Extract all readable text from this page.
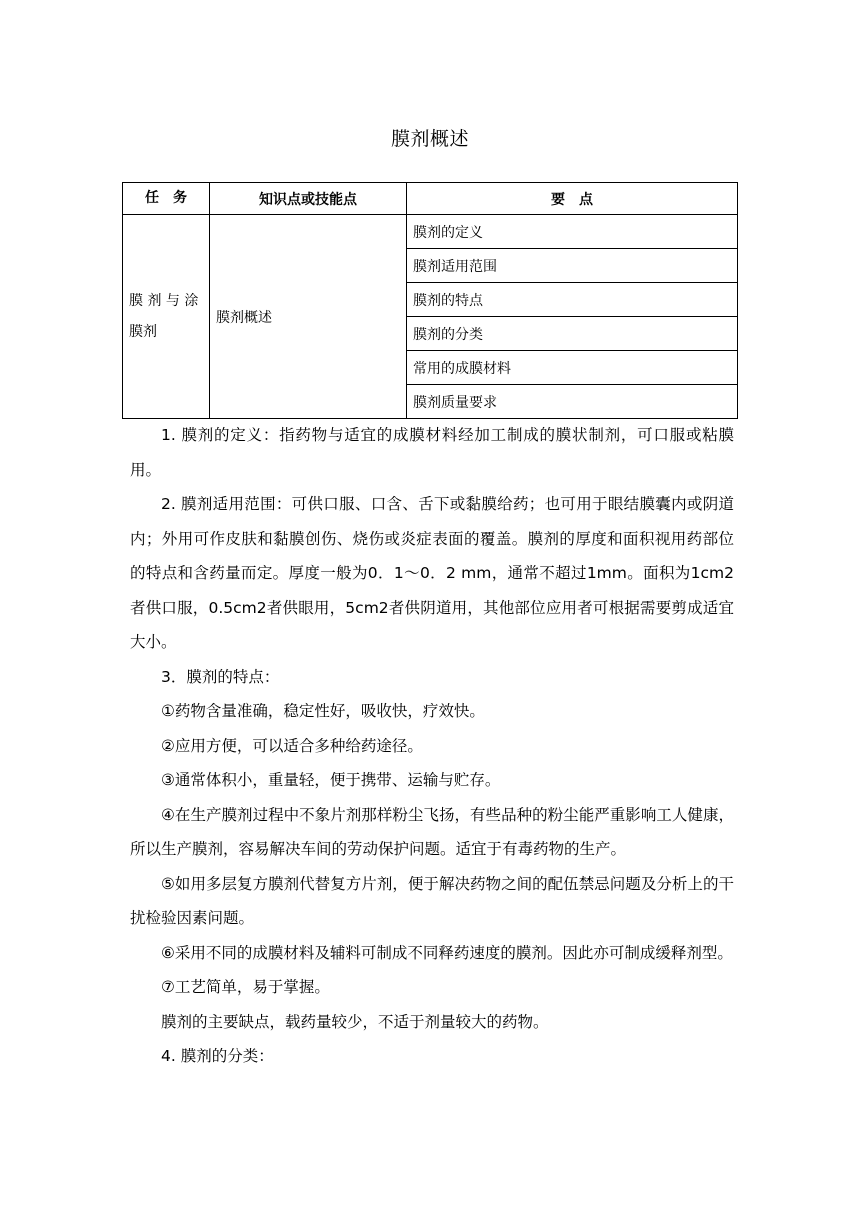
膜剂概述
任　务	知识点或技能点	要　点
膜 剂 与 涂 膜剂	膜剂概述	膜剂的定义
		膜剂适用范围
		膜剂的特点
		膜剂的分类
		常用的成膜材料
		膜剂质量要求

1. 膜剂的定义：指药物与适宜的成膜材料经加工制成的膜状制剂，可口服或粘膜用。

2. 膜剂适用范围：可供口服、口含、舌下或黏膜给药；也可用于眼结膜囊内或阴道内；外用可作皮肤和黏膜创伤、烧伤或炎症表面的覆盖。膜剂的厚度和面积视用药部位的特点和含药量而定。厚度一般为0．1～0．2 mm，通常不超过1mm。面积为1cm2者供口服，0.5cm2者供眼用，5cm2者供阴道用，其他部位应用者可根据需要剪成适宜大小。

3．膜剂的特点：

①药物含量准确，稳定性好，吸收快，疗效快。

②应用方便，可以适合多种给药途径。

③通常体积小，重量轻，便于携带、运输与贮存。

④在生产膜剂过程中不象片剂那样粉尘飞扬，有些品种的粉尘能严重影响工人健康，所以生产膜剂，容易解决车间的劳动保护问题。适宜于有毒药物的生产。

⑤如用多层复方膜剂代替复方片剂，便于解决药物之间的配伍禁忌问题及分析上的干扰检验因素问题。

⑥采用不同的成膜材料及辅料可制成不同释药速度的膜剂。因此亦可制成缓释剂型。

⑦工艺简单，易于掌握。

膜剂的主要缺点，载药量较少，不适于剂量较大的药物。

4. 膜剂的分类：
